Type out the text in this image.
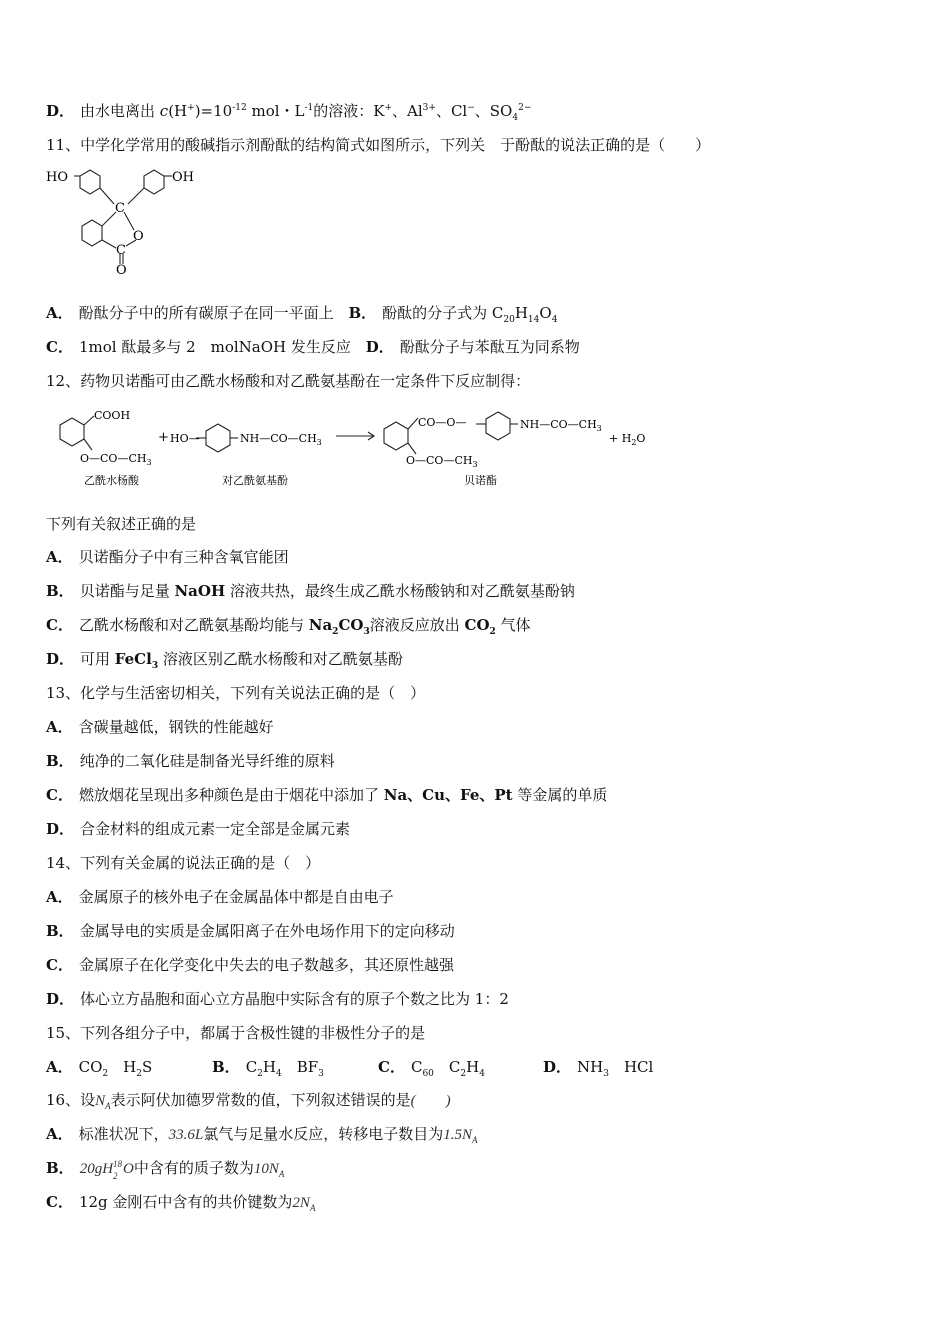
D． 由水电离出 $c(H^+)=10^{-12}$ mol・$L^{-1}$的溶液：K+、$Al^{3+}$、Cl−、$SO_4^{2-}$
11、中学化学常用的酸碱指示剂酚酞的结构简式如图所示，下列关　于酚酞的说法正确的是（　　）
HO	OH
C
O
C
O
A． 酚酞分子中的所有碳原子在同一平面上 B． 酚酞的分子式为 $C_{20}H_{14}O_4$
C． 1mol 酞最多与 2　molNaOH 发生反应 D． 酚酞分子与苯酞互为同系物
12、药物贝诺酯可由乙酰水杨酸和对乙酰氨基酚在一定条件下反应制得：
COOH
$O—CO—CH_3$
+ HO—	$NH—CO—CH_3$
CO—O—	$NH—CO—CH_3$
$O—CO—CH_3$
+ $H_2O$
乙酰水杨酸	对乙酰氨基酚	贝诺酯
下列有关叙述正确的是
A． 贝诺酯分子中有三种含氧官能团
B． 贝诺酯与足量 NaOH 溶液共热，最终生成乙酰水杨酸钠和对乙酰氨基酚钠
C． 乙酰水杨酸和对乙酰氨基酚均能与 $Na_2CO_3$溶液反应放出 $CO_2$ 气体
D． 可用 FeCl$_3$ 溶液区别乙酰水杨酸和对乙酰氨基酚
13、化学与生活密切相关，下列有关说法正确的是（　）
A． 含碳量越低，钢铁的性能越好
B． 纯净的二氧化硅是制备光导纤维的原料
C． 燃放烟花呈现出多种颜色是由于烟花中添加了 Na、Cu、Fe、Pt 等金属的单质
D． 合金材料的组成元素一定全部是金属元素
14、下列有关金属的说法正确的是（　）
A． 金属原子的核外电子在金属晶体中都是自由电子
B． 金属导电的实质是金属阳离子在外电场作用下的定向移动
C． 金属原子在化学变化中失去的电子数越多，其还原性越强
D． 体心立方晶胞和面心立方晶胞中实际含有的原子个数之比为 1：2
15、下列各组分子中，都属于含极性键的非极性分子的是
A． $CO_2$　$H_2S$	B． $C_2H_4$　$BF_3$	C． $C_{60}$　$C_2H_4$	D． $NH_3$　HCl
16、设$N_A$表示阿伏加德罗常数的值，下列叙述错误的是(　　)
A． 标准状况下，33.6L氯气与足量水反应，转移电子数目为$1.5N_A$
B． 20gH 18
2 O中含有的质子数为$10N_A$
C． 12g 金刚石中含有的共价键数为$2N_A$
